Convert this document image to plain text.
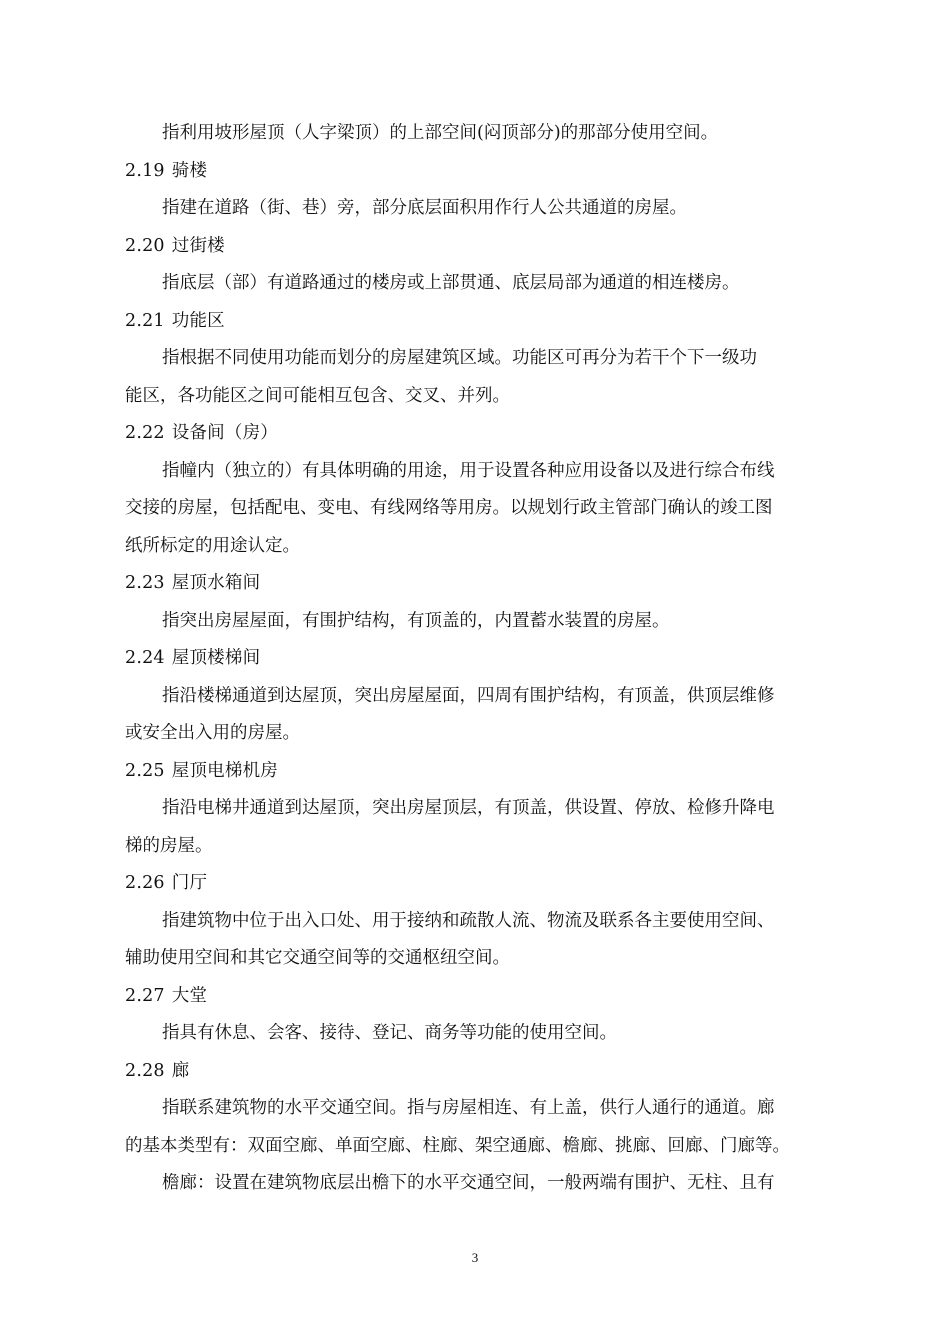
指利用坡形屋顶（人字梁顶）的上部空间(闷顶部分)的那部分使用空间。
2.19 骑楼
指建在道路（街、巷）旁，部分底层面积用作行人公共通道的房屋。
2.20 过街楼
指底层（部）有道路通过的楼房或上部贯通、底层局部为通道的相连楼房。
2.21 功能区
指根据不同使用功能而划分的房屋建筑区域。功能区可再分为若干个下一级功
能区，各功能区之间可能相互包含、交叉、并列。
2.22 设备间（房）
指幢内（独立的）有具体明确的用途，用于设置各种应用设备以及进行综合布线
交接的房屋，包括配电、变电、有线网络等用房。以规划行政主管部门确认的竣工图
纸所标定的用途认定。
2.23 屋顶水箱间
指突出房屋屋面，有围护结构，有顶盖的，内置蓄水装置的房屋。
2.24 屋顶楼梯间
指沿楼梯通道到达屋顶，突出房屋屋面，四周有围护结构，有顶盖，供顶层维修
或安全出入用的房屋。
2.25 屋顶电梯机房
指沿电梯井通道到达屋顶，突出房屋顶层，有顶盖，供设置、停放、检修升降电
梯的房屋。
2.26 门厅
指建筑物中位于出入口处、用于接纳和疏散人流、物流及联系各主要使用空间、
辅助使用空间和其它交通空间等的交通枢纽空间。
2.27 大堂
指具有休息、会客、接待、登记、商务等功能的使用空间。
2.28 廊
指联系建筑物的水平交通空间。指与房屋相连、有上盖，供行人通行的通道。廊
的基本类型有：双面空廊、单面空廊、柱廊、架空通廊、檐廊、挑廊、回廊、门廊等。
檐廊：设置在建筑物底层出檐下的水平交通空间，一般两端有围护、无柱、且有
3
